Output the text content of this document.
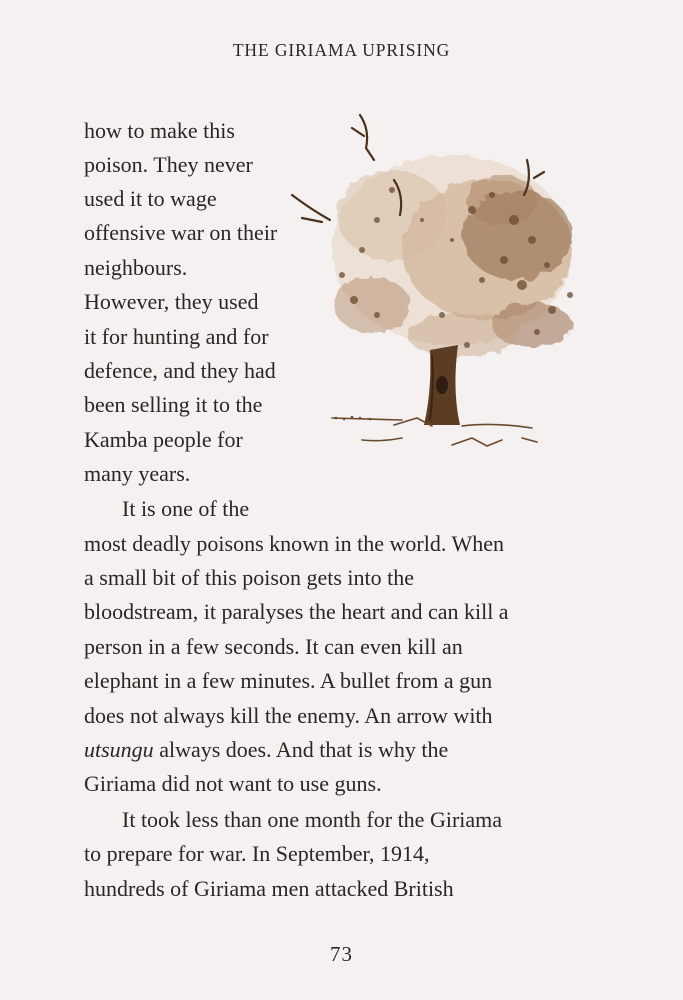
THE GIRIAMA UPRISING
how to make this
poison. They never
used it to wage
offensive war on their
neighbours.
However, they used
it for hunting and for
defence, and they had
been selling it to the
Kamba people for
many years.
It is one of the
most deadly poisons known in the world. When
a small bit of this poison gets into the
bloodstream, it paralyses the heart and can kill a
person in a few seconds. It can even kill an
elephant in a few minutes. A bullet from a gun
does not always kill the enemy. An arrow with
utsungu always does. And that is why the
Giriama did not want to use guns.
It took less than one month for the Giriama
to prepare for war. In September, 1914,
hundreds of Giriama men attacked British
73
